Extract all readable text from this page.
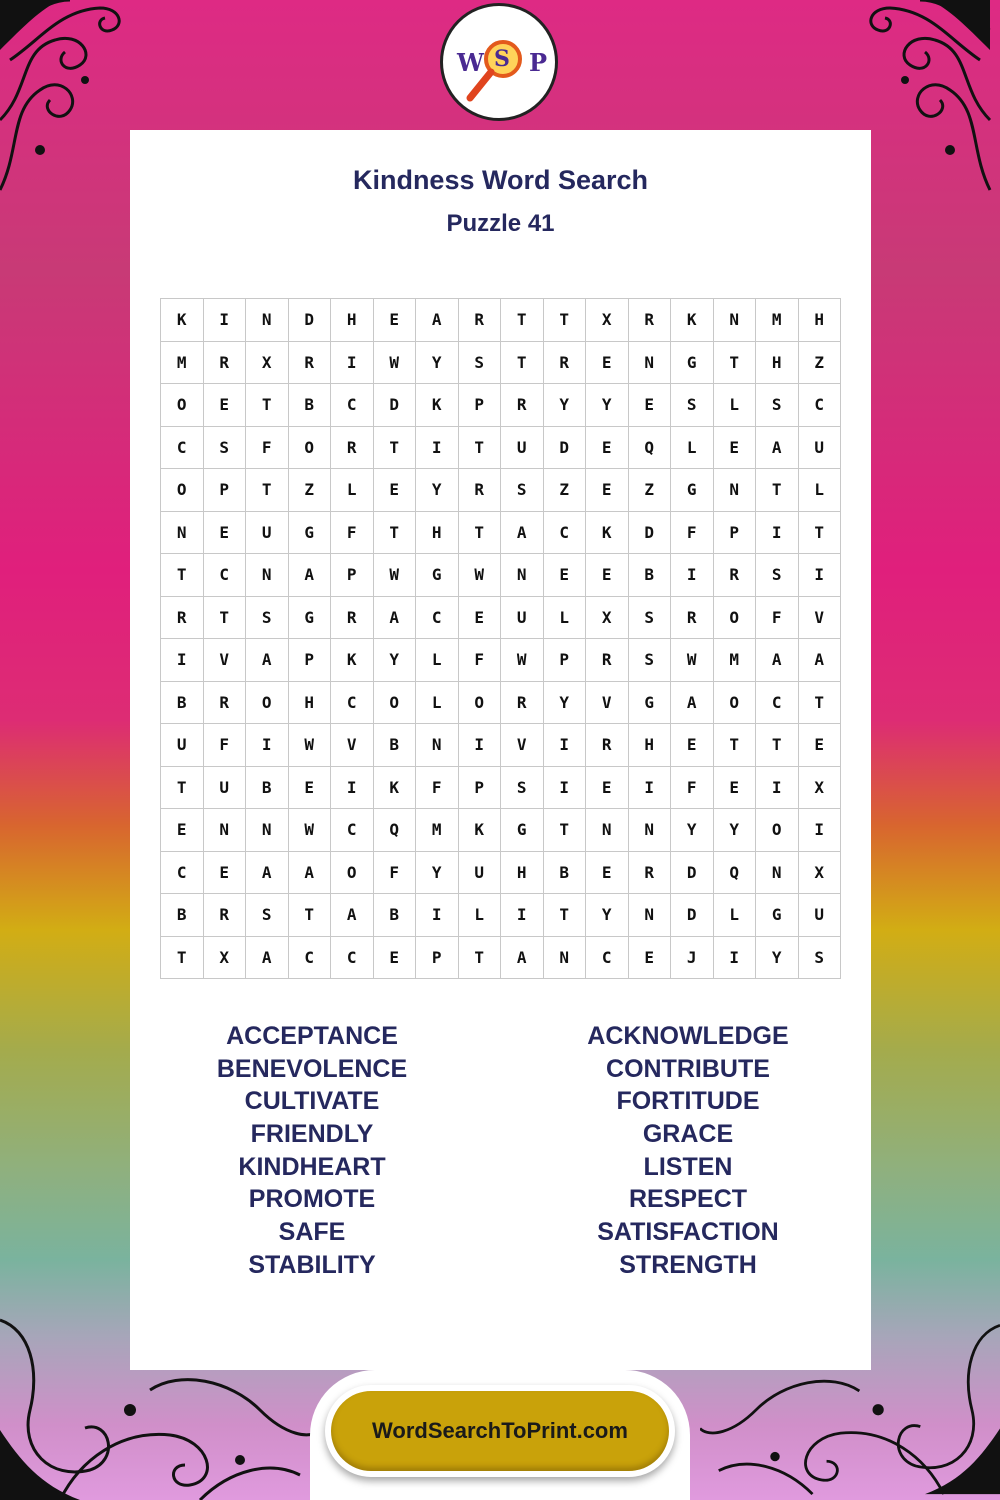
W S P
Kindness Word Search
Puzzle 41
K	I	N	D	H	E	A	R	T	T	X	R	K	N	M	H
M	R	X	R	I	W	Y	S	T	R	E	N	G	T	H	Z
O	E	T	B	C	D	K	P	R	Y	Y	E	S	L	S	C
C	S	F	O	R	T	I	T	U	D	E	Q	L	E	A	U
O	P	T	Z	L	E	Y	R	S	Z	E	Z	G	N	T	L
N	E	U	G	F	T	H	T	A	C	K	D	F	P	I	T
T	C	N	A	P	W	G	W	N	E	E	B	I	R	S	I
R	T	S	G	R	A	C	E	U	L	X	S	R	O	F	V
I	V	A	P	K	Y	L	F	W	P	R	S	W	M	A	A
B	R	O	H	C	O	L	O	R	Y	V	G	A	O	C	T
U	F	I	W	V	B	N	I	V	I	R	H	E	T	T	E
T	U	B	E	I	K	F	P	S	I	E	I	F	E	I	X
E	N	N	W	C	Q	M	K	G	T	N	N	Y	Y	O	I
C	E	A	A	O	F	Y	U	H	B	E	R	D	Q	N	X
B	R	S	T	A	B	I	L	I	T	Y	N	D	L	G	U
T	X	A	C	C	E	P	T	A	N	C	E	J	I	Y	S
ACCEPTANCE
BENEVOLENCE
CULTIVATE
FRIENDLY
KINDHEART
PROMOTE
SAFE
STABILITY
ACKNOWLEDGE
CONTRIBUTE
FORTITUDE
GRACE
LISTEN
RESPECT
SATISFACTION
STRENGTH
WordSearchToPrint.com
